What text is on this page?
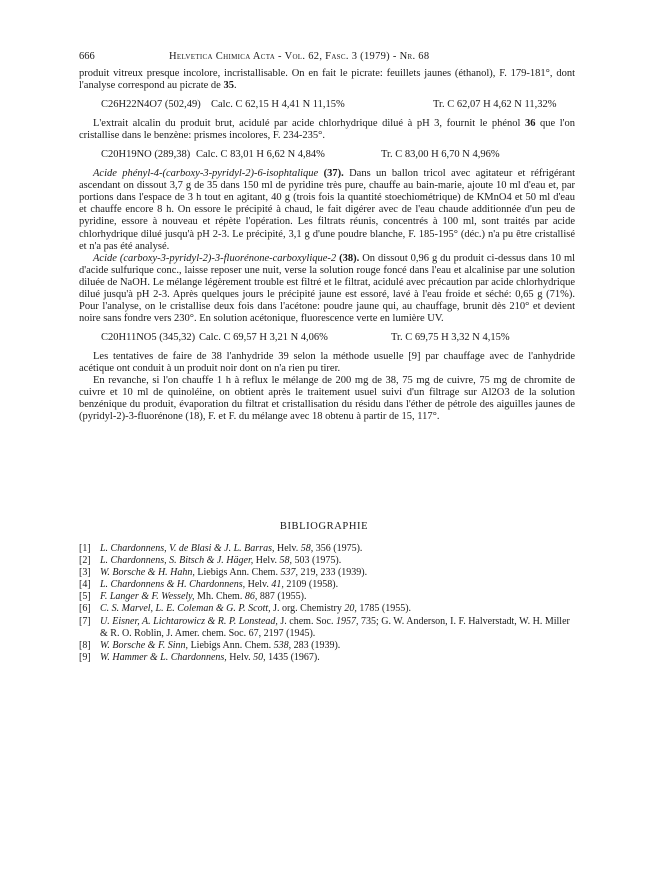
666	Helvetica Chimica Acta - Vol. 62, Fasc. 3 (1979) - Nr. 68

produit vitreux presque incolore, incristallisable. On en fait le picrate: feuillets jaunes (éthanol), F. 179-181°, dont l'analyse correspond au picrate de 35.

C26H22N4O7 (502,49) Calc. C 62,15 H 4,41 N 11,15%	Tr. C 62,07 H 4,62 N 11,32%

L'extrait alcalin du produit brut, acidulé par acide chlorhydrique dilué à pH 3, fournit le phénol 36 que l'on cristallise dans le benzène: prismes incolores, F. 234-235°.

C20H19NO (289,38) Calc. C 83,01 H 6,62 N 4,84%	Tr. C 83,00 H 6,70 N 4,96%

Acide phényl-4-(carboxy-3-pyridyl-2)-6-isophtalique (37). Dans un ballon tricol avec agitateur et réfrigérant ascendant on dissout 3,7 g de 35 dans 150 ml de pyridine très pure, chauffe au bain-marie, ajoute 10 ml d'eau et, par portions dans l'espace de 3 h tout en agitant, 40 g (trois fois la quantité stoechiométrique) de KMnO4 et 50 ml d'eau et chauffe encore 8 h. On essore le précipité à chaud, le fait digérer avec de l'eau chaude additionnée d'un peu de pyridine, essore à nouveau et répète l'opération. Les filtrats réunis, concentrés à 100 ml, sont traités par acide chlorhydrique dilué jusqu'à pH 2-3. Le précipité, 3,1 g d'une poudre blanche, F. 185-195° (déc.) n'a pu être cristallisé et n'a pas été analysé.

Acide (carboxy-3-pyridyl-2)-3-fluorénone-carboxylique-2 (38). On dissout 0,96 g du produit ci-dessus dans 10 ml d'acide sulfurique conc., laisse reposer une nuit, verse la solution rouge foncé dans l'eau et alcalinise par une solution diluée de NaOH. Le mélange légèrement trouble est filtré et le filtrat, acidulé avec précaution par acide chlorhydrique dilué jusqu'à pH 2-3. Après quelques jours le précipité jaune est essoré, lavé à l'eau froide et séché: 0,65 g (71%). Pour l'analyse, on le cristallise deux fois dans l'acétone: poudre jaune qui, au chauffage, brunit dès 210° et devient noire sans fondre vers 230°. En solution acétonique, fluorescence verte en lumière UV.

C20H11NO5 (345,32) Calc. C 69,57 H 3,21 N 4,06%	Tr. C 69,75 H 3,32 N 4,15%

Les tentatives de faire de 38 l'anhydride 39 selon la méthode usuelle [9] par chauffage avec de l'anhydride acétique ont conduit à un produit noir dont on n'a rien pu tirer.

En revanche, si l'on chauffe 1 h à reflux le mélange de 200 mg de 38, 75 mg de cuivre, 75 mg de chromite de cuivre et 10 ml de quinoléine, on obtient après le traitement usuel suivi d'un filtrage sur Al2O3 de la solution benzénique du produit, évaporation du filtrat et cristallisation du résidu dans l'éther de pétrole des aiguilles jaunes de (pyridyl-2)-3-fluorénone (18), F. et F. du mélange avec 18 obtenu à partir de 15, 117°.

BIBLIOGRAPHIE
[1] L. Chardonnens, V. de Blasi & J. L. Barras, Helv. 58, 356 (1975).
[2] L. Chardonnens, S. Bitsch & J. Häger, Helv. 58, 503 (1975).
[3] W. Borsche & H. Hahn, Liebigs Ann. Chem. 537, 219, 233 (1939).
[4] L. Chardonnens & H. Chardonnens, Helv. 41, 2109 (1958).
[5] F. Langer & F. Wessely, Mh. Chem. 86, 887 (1955).
[6] C. S. Marvel, L. E. Coleman & G. P. Scott, J. org. Chemistry 20, 1785 (1955).
[7] U. Eisner, A. Lichtarowicz & R. P. Lonstead, J. chem. Soc. 1957, 735; G. W. Anderson, I. F. Halverstadt, W. H. Miller & R. O. Roblin, J. Amer. chem. Soc. 67, 2197 (1945).
[8] W. Borsche & F. Sinn, Liebigs Ann. Chem. 538, 283 (1939).
[9] W. Hammer & L. Chardonnens, Helv. 50, 1435 (1967).
